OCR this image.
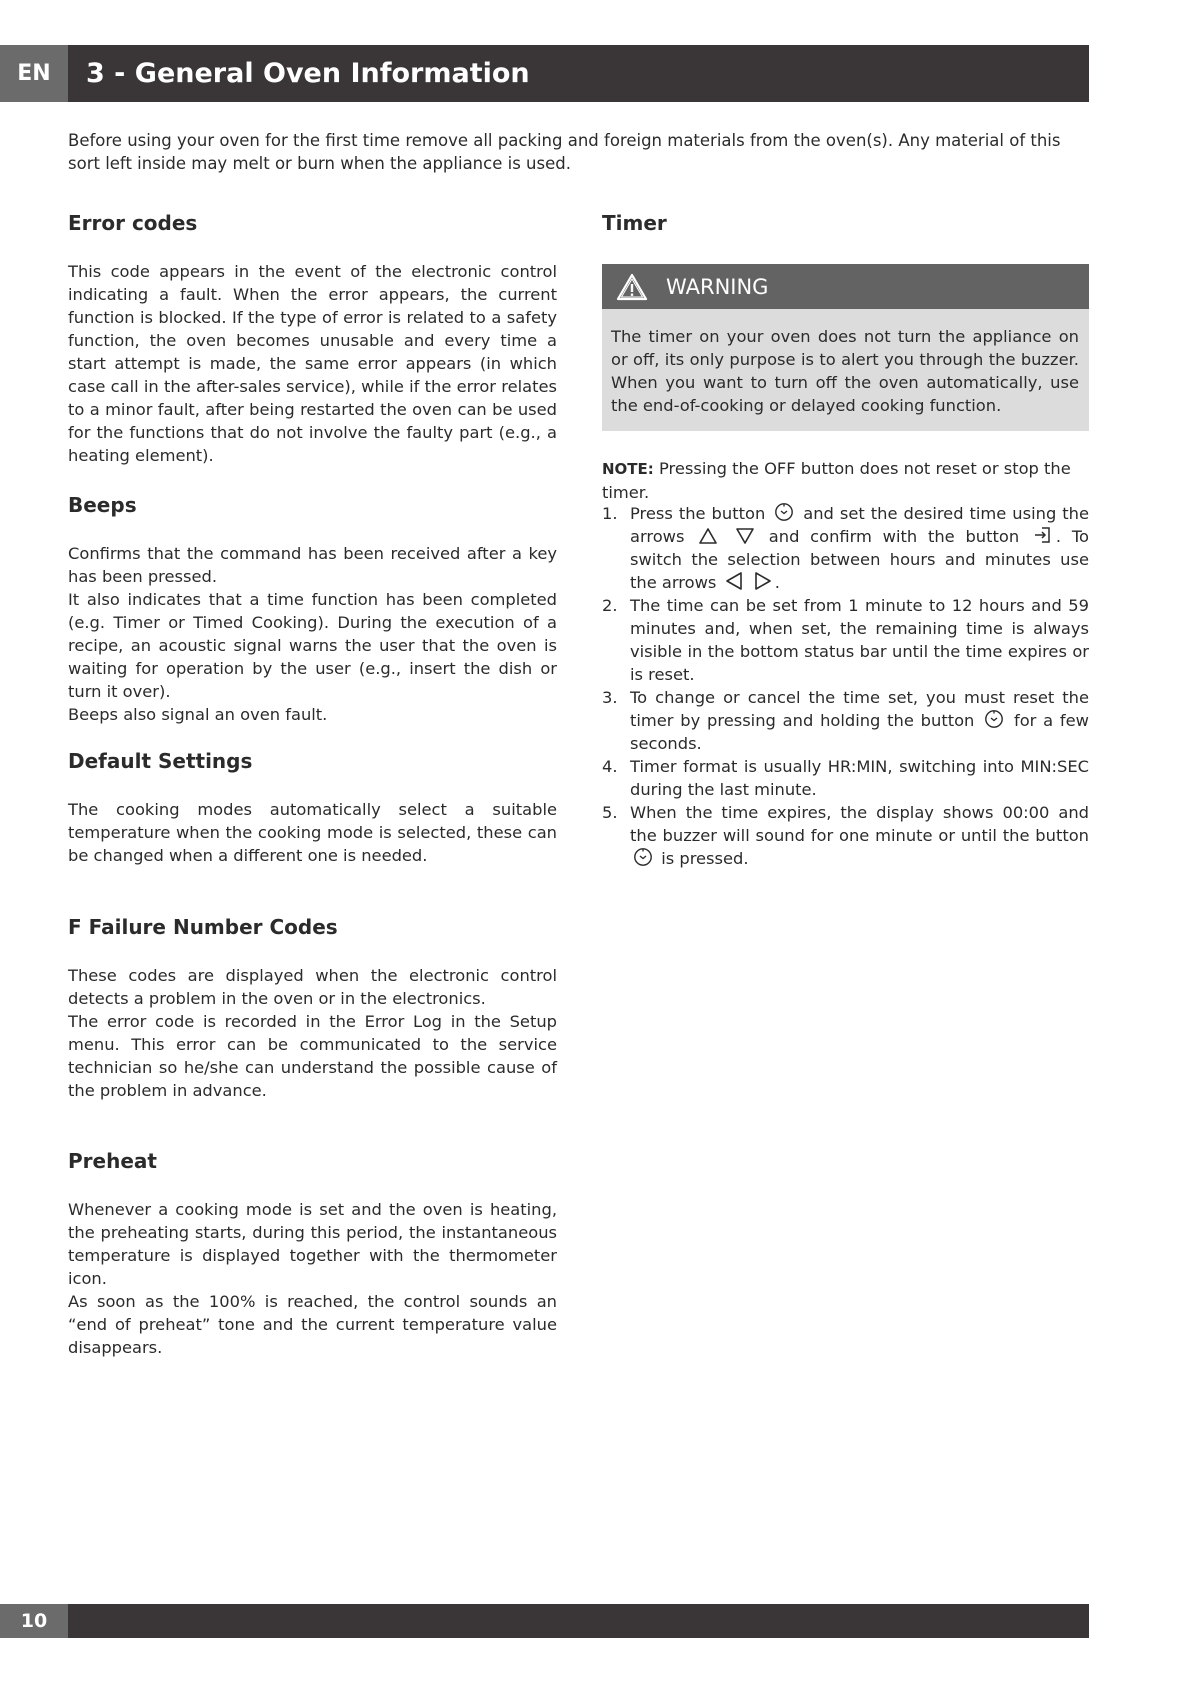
EN 3 - General Oven Information

Before using your oven for the first time remove all packing and foreign materials from the oven(s). Any material of this sort left inside may melt or burn when the appliance is used.

Error codes

This code appears in the event of the electronic control indicating a fault. When the error appears, the current function is blocked. If the type of error is related to a safety function, the oven becomes unusable and every time a start attempt is made, the same error appears (in which case call in the after-sales service), while if the error relates to a minor fault, after being restarted the oven can be used for the functions that do not involve the faulty part (e.g., a heating element).

Beeps

Confirms that the command has been received after a key has been pressed.

It also indicates that a time function has been completed (e.g. Timer or Timed Cooking). During the execution of a recipe, an acoustic signal warns the user that the oven is waiting for operation by the user (e.g., insert the dish or turn it over).

Beeps also signal an oven fault.

Default Settings

The cooking modes automatically select a suitable temperature when the cooking mode is selected, these can be changed when a different one is needed.

F Failure Number Codes

These codes are displayed when the electronic control detects a problem in the oven or in the electronics.

The error code is recorded in the Error Log in the Setup menu. This error can be communicated to the service technician so he/she can understand the possible cause of the problem in advance.

Preheat

Whenever a cooking mode is set and the oven is heating, the preheating starts, during this period, the instantaneous temperature is displayed together with the thermometer icon.

As soon as the 100% is reached, the control sounds an “end of preheat” tone and the current temperature value disappears.

Timer
WARNING
The timer on your oven does not turn the appliance on or off, its only purpose is to alert you through the buzzer. When you want to turn off the oven automatically, use the end-of-cooking or delayed cooking function.

NOTE: Pressing the OFF button does not reset or stop the timer.

1. Press the button and set the desired time using the arrows	and confirm with the button . To switch the selection between hours and minutes use the arrows	.
2. The time can be set from 1 minute to 12 hours and 59 minutes and, when set, the remaining time is always visible in the bottom status bar until the time expires or is reset.
3. To change or cancel the time set, you must reset the timer by pressing and holding the button for a few seconds.
4. Timer format is usually HR:MIN, switching into MIN:SEC during the last minute.
5. When the time expires, the display shows 00:00 and the buzzer will sound for one minute or until the button  is pressed.
10
